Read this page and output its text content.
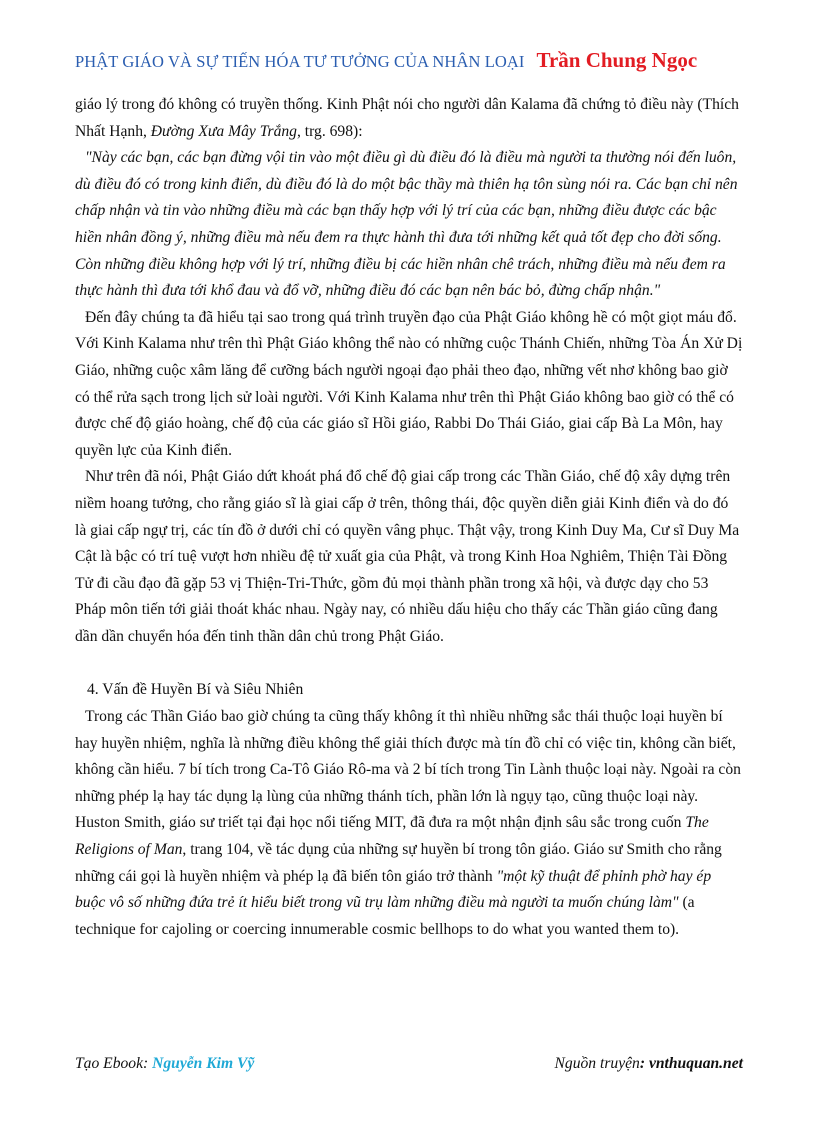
PHẬT GIÁO VÀ SỰ TIẾN HÓA TƯ TƯỞNG CỦA NHÂN LOẠI Trần Chung Ngọc

giáo lý trong đó không có truyền thống. Kinh Phật nói cho người dân Kalama đã chứng tỏ điều này (Thích Nhất Hạnh, Đường Xưa Mây Trắng, trg. 698):

"Này các bạn, các bạn đừng vội tin vào một điều gì dù điều đó là điều mà người ta thường nói đến luôn, dù điều đó có trong kinh điển, dù điều đó là do một bậc thầy mà thiên hạ tôn sùng nói ra. Các bạn chỉ nên chấp nhận và tin vào những điều mà các bạn thấy hợp với lý trí của các bạn, những điều được các bậc hiền nhân đồng ý, những điều mà nếu đem ra thực hành thì đưa tới những kết quả tốt đẹp cho đời sống. Còn những điều không hợp với lý trí, những điều bị các hiền nhân chê trách, những điều mà nếu đem ra thực hành thì đưa tới khổ đau và đổ vỡ, những điều đó các bạn nên bác bỏ, đừng chấp nhận."

Đến đây chúng ta đã hiểu tại sao trong quá trình truyền đạo của Phật Giáo không hề có một giọt máu đổ. Với Kinh Kalama như trên thì Phật Giáo không thể nào có những cuộc Thánh Chiến, những Tòa Án Xử Dị Giáo, những cuộc xâm lăng để cưỡng bách người ngoại đạo phải theo đạo, những vết nhơ không bao giờ có thể rửa sạch trong lịch sử loài người. Với Kinh Kalama như trên thì Phật Giáo không bao giờ có thể có được chế độ giáo hoàng, chế độ của các giáo sĩ Hồi giáo, Rabbi Do Thái Giáo, giai cấp Bà La Môn, hay quyền lực của Kinh điển.

Như trên đã nói, Phật Giáo dứt khoát phá đổ chế độ giai cấp trong các Thần Giáo, chế độ xây dựng trên niềm hoang tưởng, cho rằng giáo sĩ là giai cấp ở trên, thông thái, độc quyền diễn giải Kinh điển và do đó là giai cấp ngự trị, các tín đồ ở dưới chỉ có quyền vâng phục. Thật vậy, trong Kinh Duy Ma, Cư sĩ Duy Ma Cật là bậc có trí tuệ vượt hơn nhiều đệ tử xuất gia của Phật, và trong Kinh Hoa Nghiêm, Thiện Tài Đồng Tử đi cầu đạo đã gặp 53 vị Thiện-Tri-Thức, gồm đủ mọi thành phần trong xã hội, và được dạy cho 53 Pháp môn tiến tới giải thoát khác nhau. Ngày nay, có nhiều dấu hiệu cho thấy các Thần giáo cũng đang dần dần chuyển hóa đến tinh thần dân chủ trong Phật Giáo.

4. Vấn đề Huyền Bí và Siêu Nhiên

Trong các Thần Giáo bao giờ chúng ta cũng thấy không ít thì nhiều những sắc thái thuộc loại huyền bí hay huyền nhiệm, nghĩa là những điều không thể giải thích được mà tín đồ chỉ có việc tin, không cần biết, không cần hiểu. 7 bí tích trong Ca-Tô Giáo Rô-ma và 2 bí tích trong Tin Lành thuộc loại này. Ngoài ra còn những phép lạ hay tác dụng lạ lùng của những thánh tích, phần lớn là ngụy tạo, cũng thuộc loại này. Huston Smith, giáo sư triết tại đại học nổi tiếng MIT, đã đưa ra một nhận định sâu sắc trong cuốn The Religions of Man, trang 104, về tác dụng của những sự huyền bí trong tôn giáo. Giáo sư Smith cho rằng những cái gọi là huyền nhiệm và phép lạ đã biến tôn giáo trở thành "một kỹ thuật để phỉnh phờ hay ép buộc vô số những đứa trẻ ít hiểu biết trong vũ trụ làm những điều mà người ta muốn chúng làm" (a technique for cajoling or coercing innumerable cosmic bellhops to do what you wanted them to).

Tạo Ebook: Nguyễn Kim Vỹ	Nguồn truyện: vnthuquan.net
